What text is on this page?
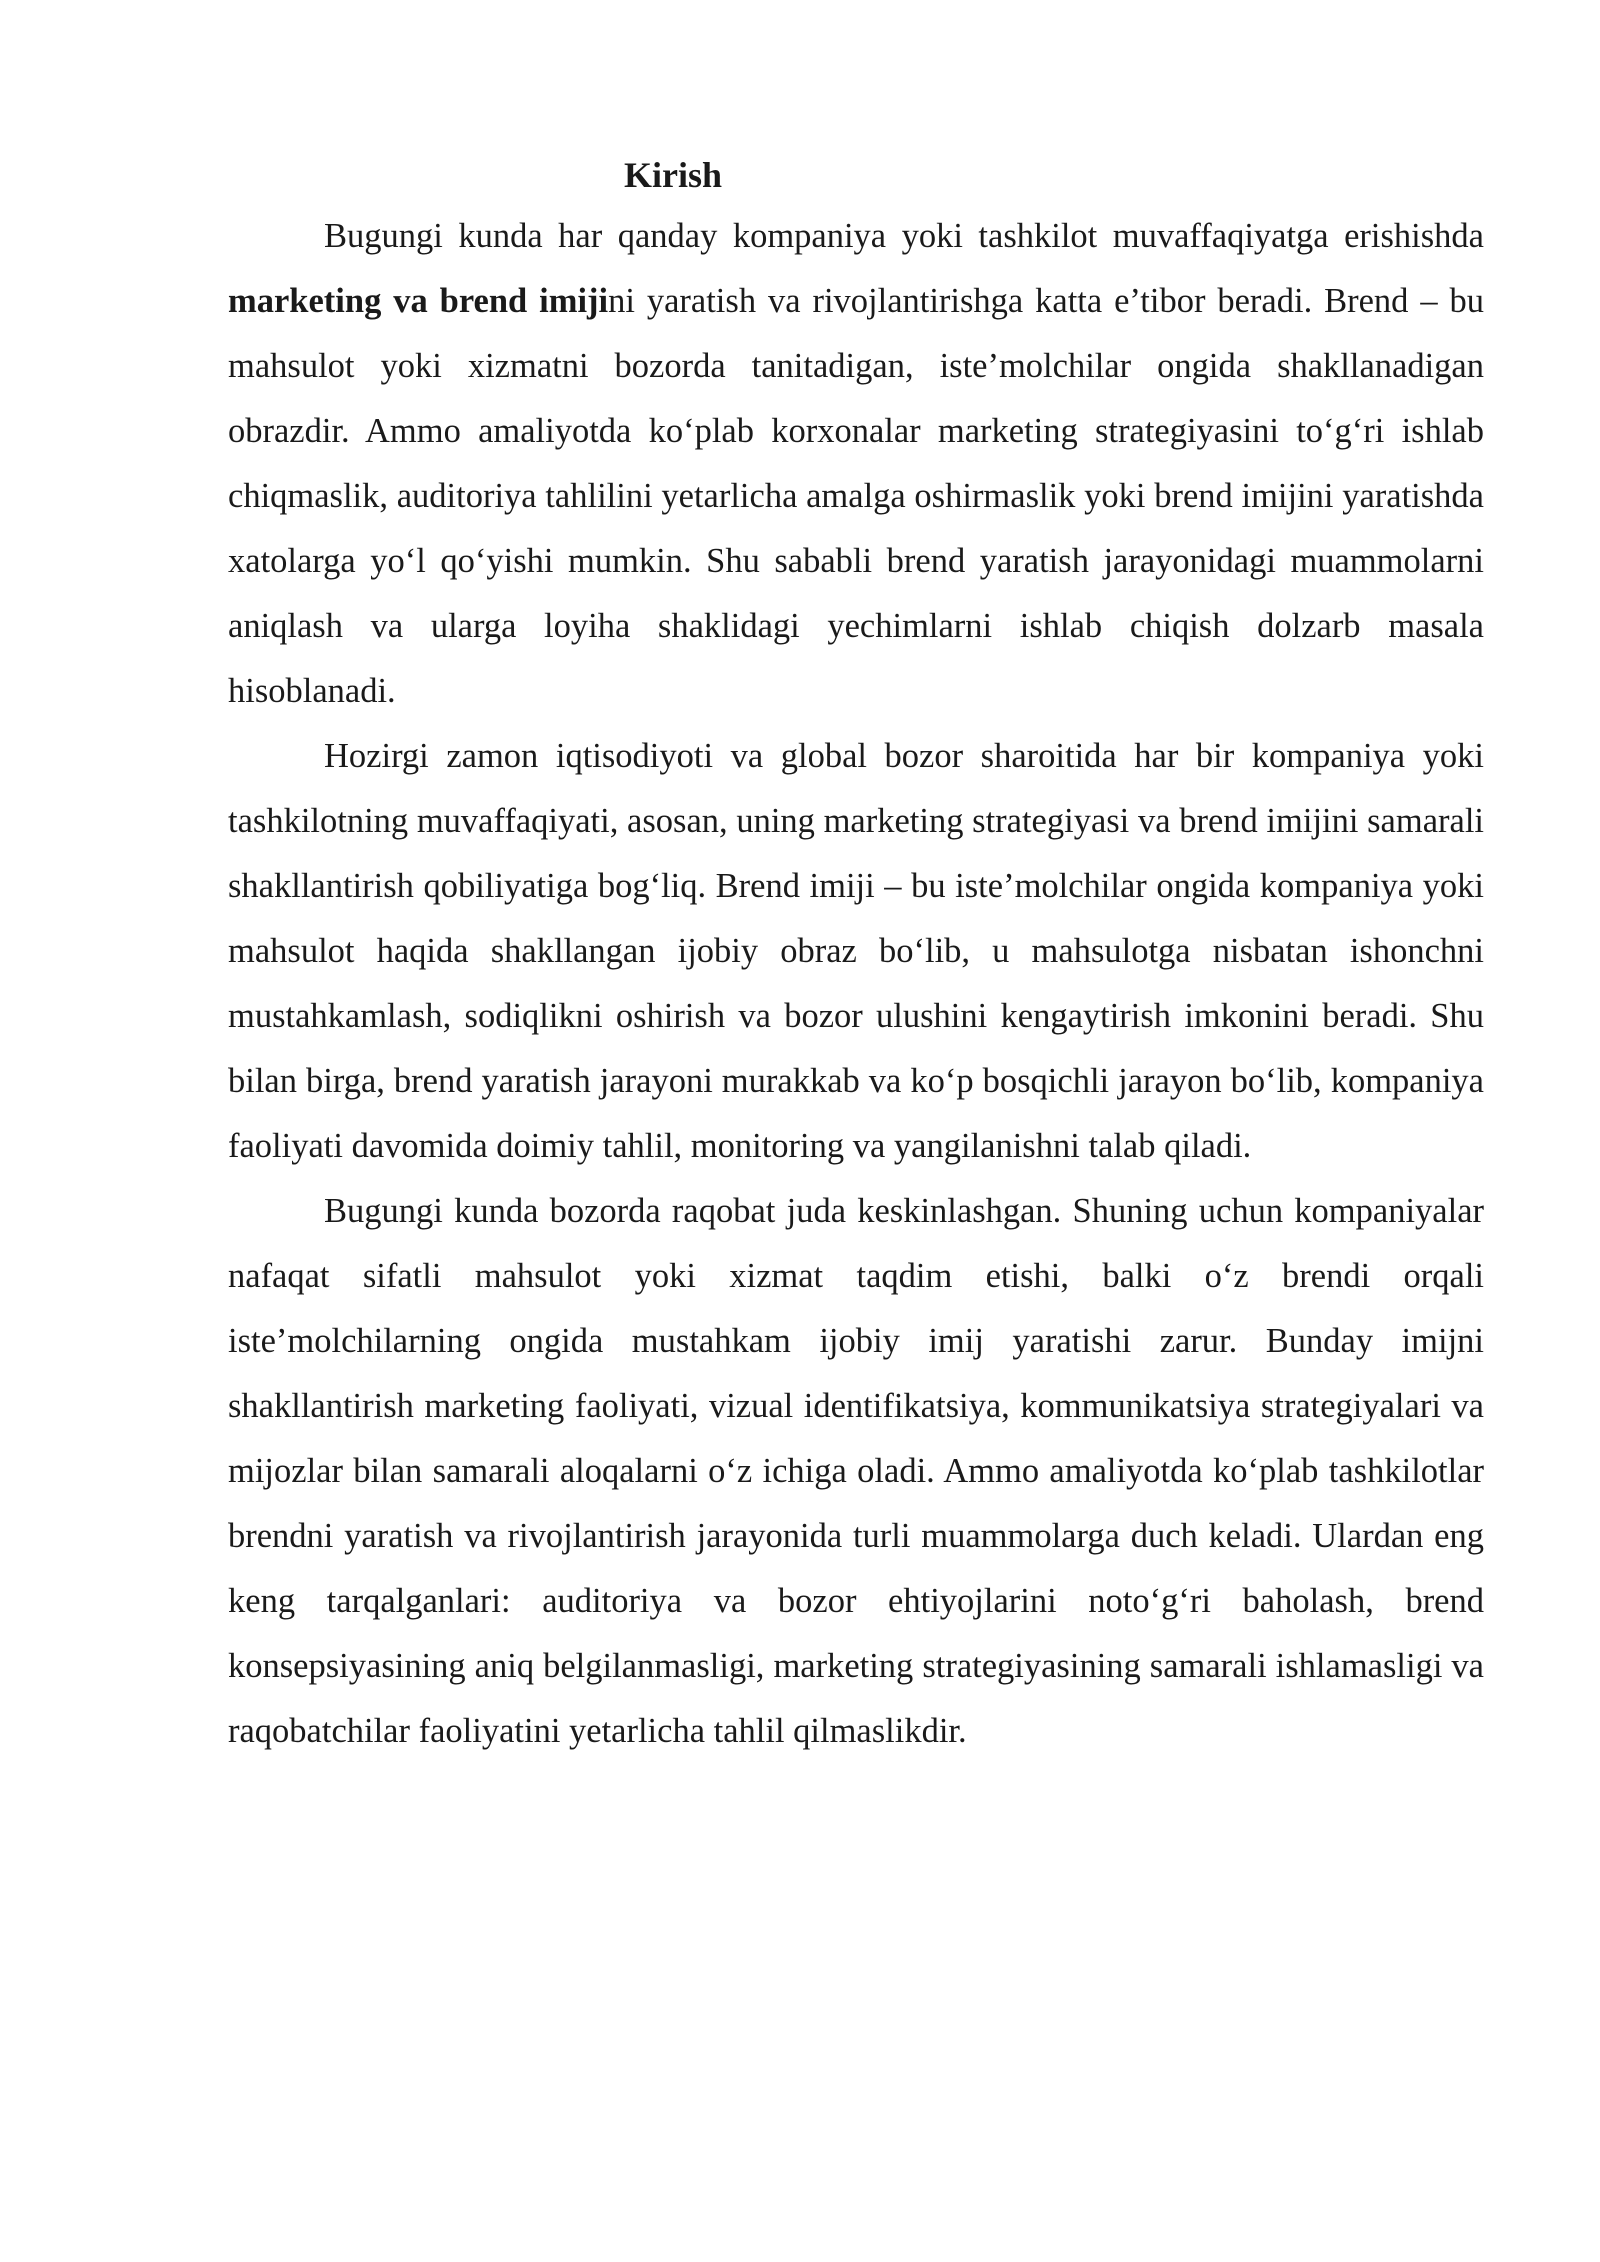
Kirish

Bugungi kunda har qanday kompaniya yoki tashkilot muvaffaqiyatga erishishda marketing va brend imijini yaratish va rivojlantirishga katta e’tibor beradi. Brend – bu mahsulot yoki xizmatni bozorda tanitadigan, iste’molchilar ongida shakllanadigan obrazdir. Ammo amaliyotda ko‘plab korxonalar marketing strategiyasini to‘g‘ri ishlab chiqmaslik, auditoriya tahlilini yetarlicha amalga oshirmaslik yoki brend imijini yaratishda xatolarga yo‘l qo‘yishi mumkin. Shu sababli brend yaratish jarayonidagi muammolarni aniqlash va ularga loyiha shaklidagi yechimlarni ishlab chiqish dolzarb masala hisoblanadi.

Hozirgi zamon iqtisodiyoti va global bozor sharoitida har bir kompaniya yoki tashkilotning muvaffaqiyati, asosan, uning marketing strategiyasi va brend imijini samarali shakllantirish qobiliyatiga bog‘liq. Brend imiji – bu iste’molchilar ongida kompaniya yoki mahsulot haqida shakllangan ijobiy obraz bo‘lib, u mahsulotga nisbatan ishonchni mustahkamlash, sodiqlikni oshirish va bozor ulushini kengaytirish imkonini beradi. Shu bilan birga, brend yaratish jarayoni murakkab va ko‘p bosqichli jarayon bo‘lib, kompaniya faoliyati davomida doimiy tahlil, monitoring va yangilanishni talab qiladi.

Bugungi kunda bozorda raqobat juda keskinlashgan. Shuning uchun kompaniyalar nafaqat sifatli mahsulot yoki xizmat taqdim etishi, balki o‘z brendi orqali iste’molchilarning ongida mustahkam ijobiy imij yaratishi zarur. Bunday imijni shakllantirish marketing faoliyati, vizual identifikatsiya, kommunikatsiya strategiyalari va mijozlar bilan samarali aloqalarni o‘z ichiga oladi. Ammo amaliyotda ko‘plab tashkilotlar brendni yaratish va rivojlantirish jarayonida turli muammolarga duch keladi. Ulardan eng keng tarqalganlari: auditoriya va bozor ehtiyojlarini noto‘g‘ri baholash, brend konsepsiyasining aniq belgilanmasligi, marketing strategiyasining samarali ishlamasligi va raqobatchilar faoliyatini yetarlicha tahlil qilmaslikdir.
